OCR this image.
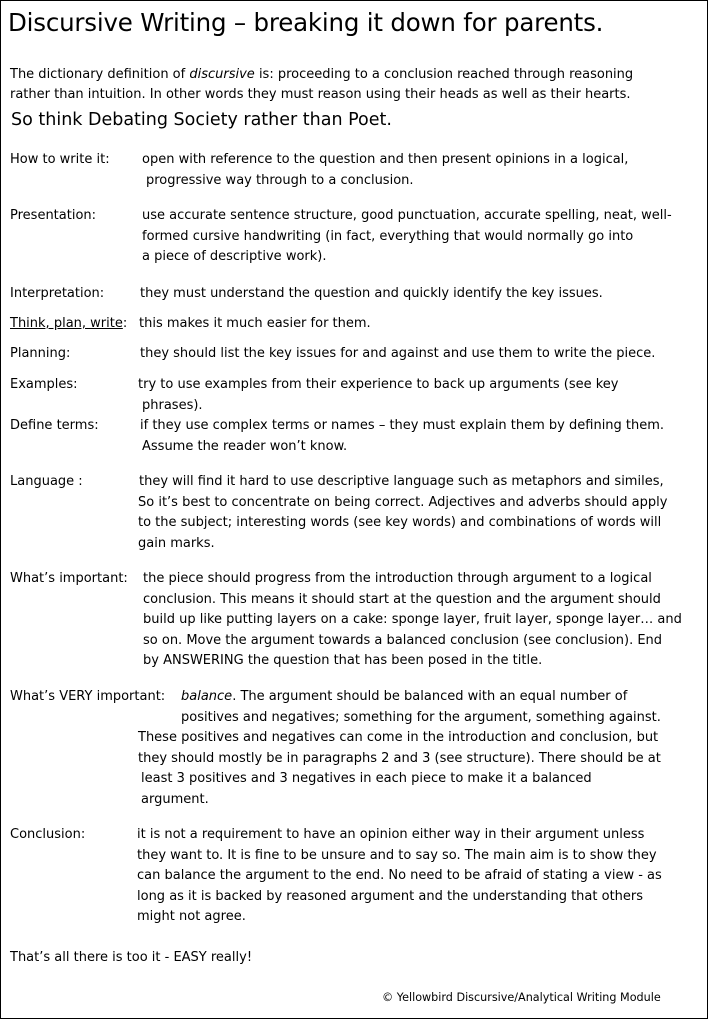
Discursive Writing – breaking it down for parents.
The dictionary definition of discursive is: proceeding to a conclusion reached through reasoning
rather than intuition. In other words they must reason using their heads as well as their hearts.
So think Debating Society rather than Poet.
How to write it: open with reference to the question and then present opinions in a logical,
progressive way through to a conclusion.
Presentation:	use accurate sentence structure, good punctuation, accurate spelling, neat, well-
formed cursive handwriting (in fact, everything that would normally go into
a piece of descriptive work).
Interpretation:	they must understand the question and quickly identify the key issues.
Think, plan, write: this makes it much easier for them.
Planning:	they should list the key issues for and against and use them to write the piece.
Examples:	try to use examples from their experience to back up arguments (see key
phrases).
Define terms:	if they use complex terms or names – they must explain them by defining them.
Assume the reader won’t know.
Language :	they will find it hard to use descriptive language such as metaphors and similes,
So it’s best to concentrate on being correct. Adjectives and adverbs should apply
to the subject; interesting words (see key words) and combinations of words will
gain marks.
What’s important: the piece should progress from the introduction through argument to a logical
conclusion. This means it should start at the question and the argument should
build up like putting layers on a cake: sponge layer, fruit layer, sponge layer… and
so on. Move the argument towards a balanced conclusion (see conclusion). End
by ANSWERING the question that has been posed in the title.
What’s VERY important: balance. The argument should be balanced with an equal number of
positives and negatives; something for the argument, something against.
These positives and negatives can come in the introduction and conclusion, but
they should mostly be in paragraphs 2 and 3 (see structure). There should be at
least 3 positives and 3 negatives in each piece to make it a balanced
argument.
Conclusion:	it is not a requirement to have an opinion either way in their argument unless
they want to. It is fine to be unsure and to say so. The main aim is to show they
can balance the argument to the end. No need to be afraid of stating a view - as
long as it is backed by reasoned argument and the understanding that others
might not agree.
That’s all there is too it - EASY really!
© Yellowbird Discursive/Analytical Writing Module
